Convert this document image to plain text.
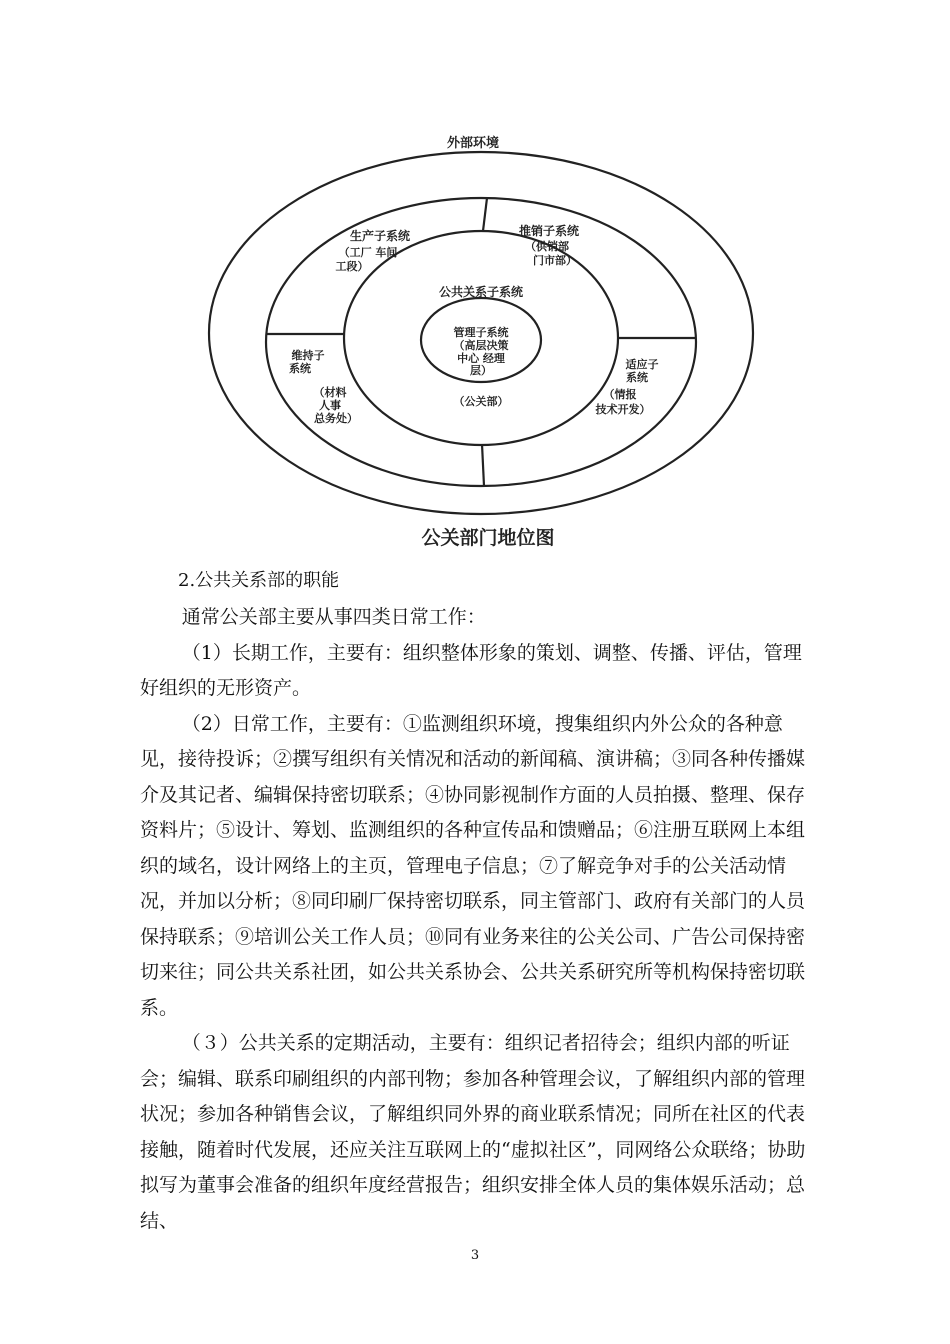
外部环境
生产子系统
（工厂 车间
工段）
推销子系统
（供销部
门市部）
公共关系子系统
管理子系统
（高层决策
中心 经理
层）
（公关部）
维持子
系统
（材料
人事
总务处）
适应子
系统
（情报
技术开发）
公关部门地位图
2.公共关系部的职能

通常公关部主要从事四类日常工作：

（1）长期工作，主要有：组织整体形象的策划、调整、传播、评估，管理好组织的无形资产。

（2）日常工作，主要有：①监测组织环境，搜集组织内外公众的各种意见，接待投诉；②撰写组织有关情况和活动的新闻稿、演讲稿；③同各种传播媒介及其记者、编辑保持密切联系；④协同影视制作方面的人员拍摄、整理、保存资料片；⑤设计、筹划、监测组织的各种宣传品和馈赠品；⑥注册互联网上本组织的域名，设计网络上的主页，管理电子信息；⑦了解竞争对手的公关活动情况，并加以分析；⑧同印刷厂保持密切联系，同主管部门、政府有关部门的人员保持联系；⑨培训公关工作人员；⑩同有业务来往的公关公司、广告公司保持密切来往；同公共关系社团，如公共关系协会、公共关系研究所等机构保持密切联系。

（３）公共关系的定期活动，主要有：组织记者招待会；组织内部的听证会；编辑、联系印刷组织的内部刊物；参加各种管理会议，了解组织内部的管理状况；参加各种销售会议，了解组织同外界的商业联系情况；同所在社区的代表接触，随着时代发展，还应关注互联网上的“虚拟社区”，同网络公众联络；协助拟写为董事会准备的组织年度经营报告；组织安排全体人员的集体娱乐活动；总结、

3
